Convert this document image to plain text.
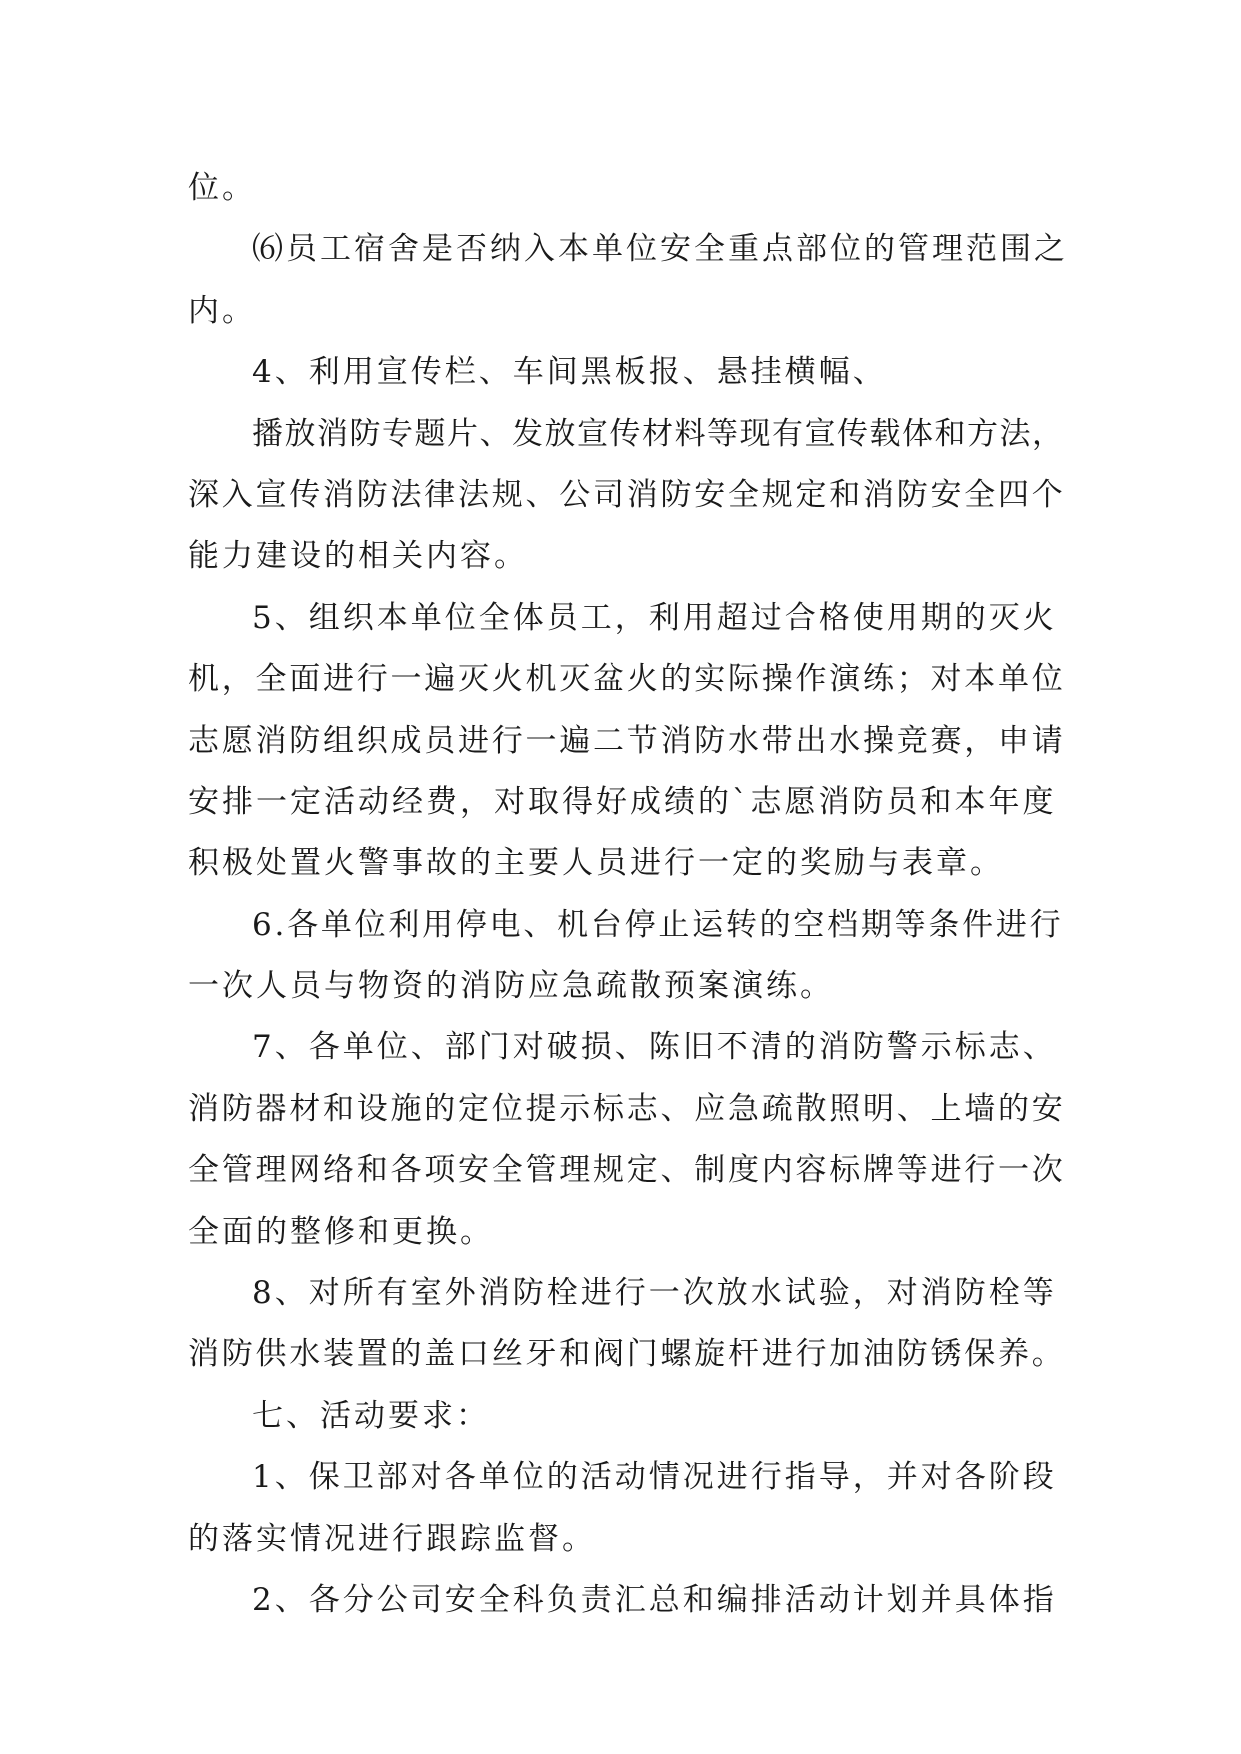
位。
⑹员工宿舍是否纳入本单位安全重点部位的管理范围之
内。
4、利用宣传栏、车间黑板报、悬挂横幅、
播放消防专题片、发放宣传材料等现有宣传载体和方法，
深入宣传消防法律法规、公司消防安全规定和消防安全四个
能力建设的相关内容。
5、组织本单位全体员工，利用超过合格使用期的灭火
机，全面进行一遍灭火机灭盆火的实际操作演练；对本单位
志愿消防组织成员进行一遍二节消防水带出水操竞赛，申请
安排一定活动经费，对取得好成绩的`志愿消防员和本年度
积极处置火警事故的主要人员进行一定的奖励与表章。
6.各单位利用停电、机台停止运转的空档期等条件进行
一次人员与物资的消防应急疏散预案演练。
7、各单位、部门对破损、陈旧不清的消防警示标志、
消防器材和设施的定位提示标志、应急疏散照明、上墙的安
全管理网络和各项安全管理规定、制度内容标牌等进行一次
全面的整修和更换。
8、对所有室外消防栓进行一次放水试验，对消防栓等
消防供水装置的盖口丝牙和阀门螺旋杆进行加油防锈保养。
七、活动要求：
1、保卫部对各单位的活动情况进行指导，并对各阶段
的落实情况进行跟踪监督。
2、各分公司安全科负责汇总和编排活动计划并具体指
